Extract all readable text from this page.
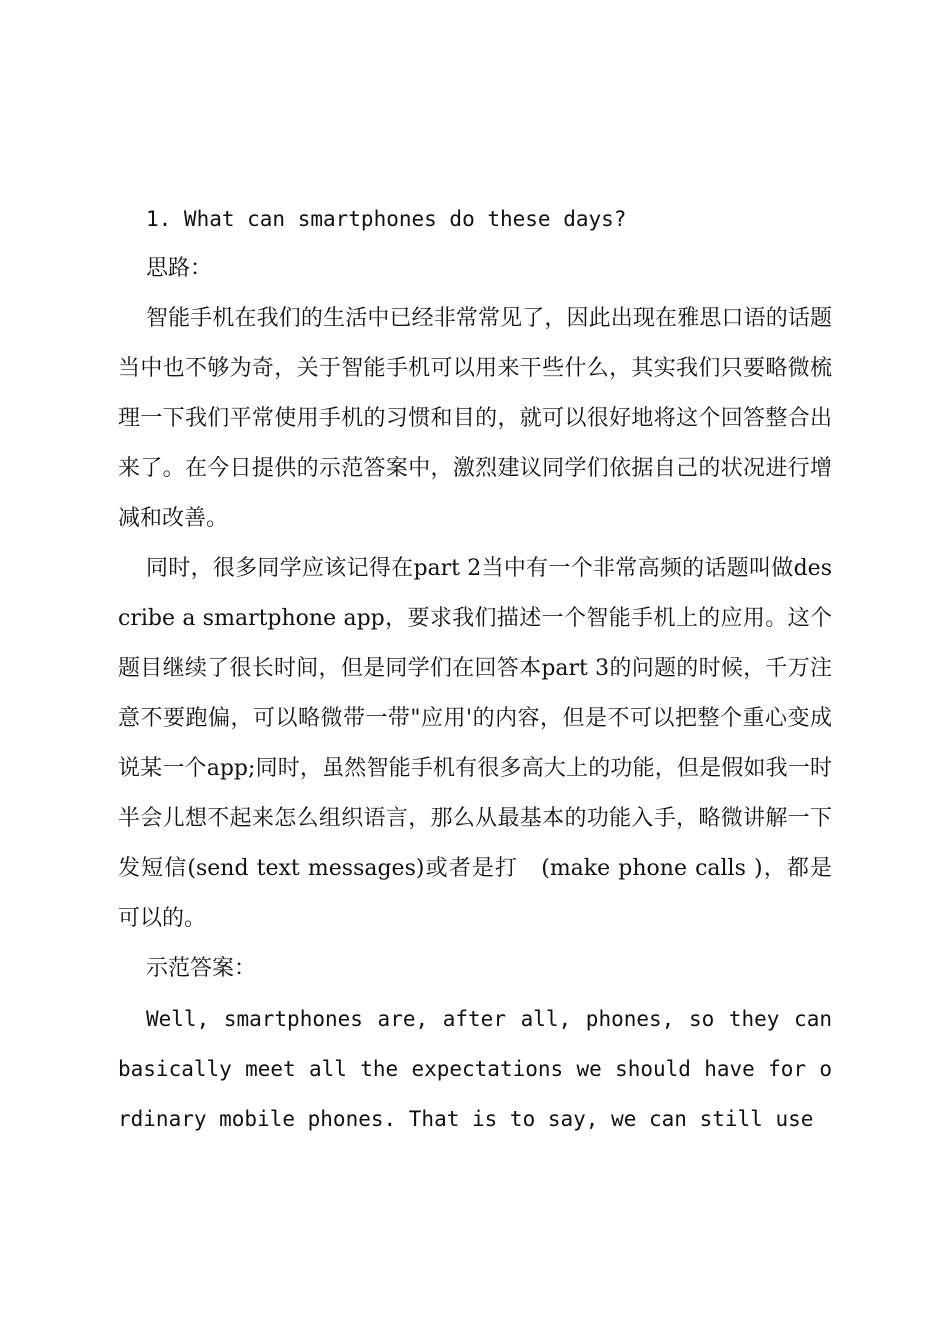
1. What can smartphones do these days?

思路：

智能手机在我们的生活中已经非常常见了，因此出现在雅思口语的话题当中也不够为奇，关于智能手机可以用来干些什么，其实我们只要略微梳理一下我们平常使用手机的习惯和目的，就可以很好地将这个回答整合出来了。在今日提供的示范答案中，激烈建议同学们依据自己的状况进行增减和改善。

同时，很多同学应该记得在part 2当中有一个非常高频的话题叫做describe a smartphone app，要求我们描述一个智能手机上的应用。这个题目继续了很长时间，但是同学们在回答本part 3的问题的时候，千万注意不要跑偏，可以略微带一带"应用'的内容，但是不可以把整个重心变成说某一个app;同时，虽然智能手机有很多高大上的功能，但是假如我一时半会儿想不起来怎么组织语言，那么从最基本的功能入手，略微讲解一下发短信(send text messages)或者是打　(make phone calls )，都是可以的。

示范答案：

Well, smartphones are, after all, phones, so they can basically meet all the expectations we should have for ordinary mobile phones. That is to say, we can still use
